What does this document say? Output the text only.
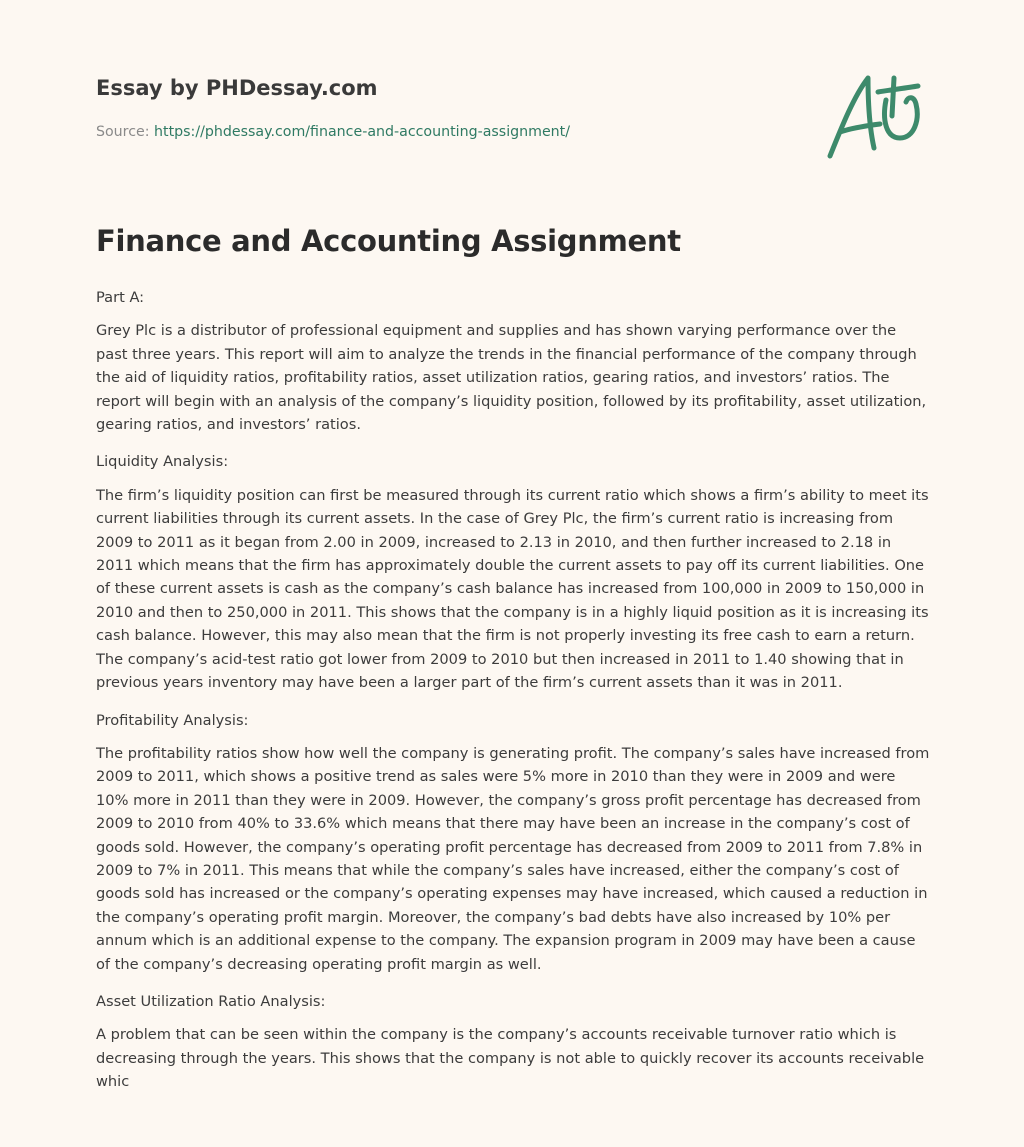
Essay by PHDessay.com
Source: https://phdessay.com/finance-and-accounting-assignment/
Finance and Accounting Assignment

Part A:

Grey Plc is a distributor of professional equipment and supplies and has shown varying performance over the past three years. This report will aim to analyze the trends in the financial performance of the company through the aid of liquidity ratios, profitability ratios, asset utilization ratios, gearing ratios, and investors’ ratios. The report will begin with an analysis of the company’s liquidity position, followed by its profitability, asset utilization, gearing ratios, and investors’ ratios.

Liquidity Analysis:

The firm’s liquidity position can first be measured through its current ratio which shows a firm’s ability to meet its current liabilities through its current assets. In the case of Grey Plc, the firm’s current ratio is increasing from 2009 to 2011 as it began from 2.00 in 2009, increased to 2.13 in 2010, and then further increased to 2.18 in 2011 which means that the firm has approximately double the current assets to pay off its current liabilities. One of these current assets is cash as the company’s cash balance has increased from 100,000 in 2009 to 150,000 in 2010 and then to 250,000 in 2011. This shows that the company is in a highly liquid position as it is increasing its cash balance. However, this may also mean that the firm is not properly investing its free cash to earn a return. The company’s acid-test ratio got lower from 2009 to 2010 but then increased in 2011 to 1.40 showing that in previous years inventory may have been a larger part of the firm’s current assets than it was in 2011.

Profitability Analysis:

The profitability ratios show how well the company is generating profit. The company’s sales have increased from 2009 to 2011, which shows a positive trend as sales were 5% more in 2010 than they were in 2009 and were 10% more in 2011 than they were in 2009. However, the company’s gross profit percentage has decreased from 2009 to 2010 from 40% to 33.6% which means that there may have been an increase in the company’s cost of goods sold. However, the company’s operating profit percentage has decreased from 2009 to 2011 from 7.8% in 2009 to 7% in 2011. This means that while the company’s sales have increased, either the company’s cost of goods sold has increased or the company’s operating expenses may have increased, which caused a reduction in the company’s operating profit margin. Moreover, the company’s bad debts have also increased by 10% per annum which is an additional expense to the company. The expansion program in 2009 may have been a cause of the company’s decreasing operating profit margin as well.

Asset Utilization Ratio Analysis:

A problem that can be seen within the company is the company’s accounts receivable turnover ratio which is decreasing through the years. This shows that the company is not able to quickly recover its accounts receivable whic
